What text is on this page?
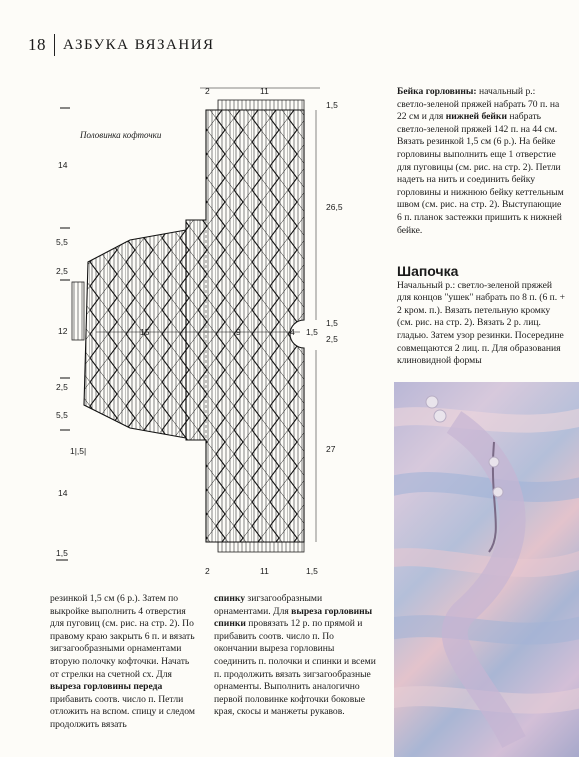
18 АЗБУКА ВЯЗАНИЯ
Половинка кофточки
14
5,5
2,5
12
2,5
5,5
1|,5|
14
1,5
2	11
1,5
2	11	1,5
26,5
1,5
2,5
27
15	9	4 1,5
Бейка горловины: начальный р.: светло-зеленой пряжей набрать 70 п. на 22 см и для нижней бейки набрать светло-зеленой пряжей 142 п. на 44 см. Вязать резинкой 1,5 см (6 р.). На бейке горловины выполнить еще 1 отверстие для пуговицы (см. рис. на стр. 2). Петли надеть на нить и соединить бейку горловины и нижнюю бейку кеттельным швом (см. рис. на стр. 2). Выступающие 6 п. планок застежки пришить к нижней бейке.
Шапочка
Начальный р.: светло-зеленой пряжей для концов "ушек" набрать по 8 п. (6 п. + 2 кром. п.). Вязать петельную кромку (см. рис. на стр. 2). Вязать 2 р. лиц. гладью. Затем узор резинки. Посередине совмещаются 2 лиц. п. Для образования клиновидной формы
резинкой 1,5 см (6 р.). Затем по выкройке выполнить 4 отверстия для пуговиц (см. рис. на стр. 2). По правому краю закрыть 6 п. и вязать зигзагообразными орнаментами вторую полочку кофточки. Начать от стрелки на счетной сх. Для выреза горловины переда прибавить соотв. число п. Петли отложить на вспом. спицу и следом продолжить вязать
спинку зигзагообразными орнаментами. Для выреза горловины спинки провязать 12 р. по прямой и прибавить соотв. число п. По окончании выреза горловины соединить п. полочки и спинки и всеми п. продолжить вязать зигзагообразные орнаменты. Выполнить аналогично первой половинке кофточки боковые края, скосы и манжеты рукавов.
